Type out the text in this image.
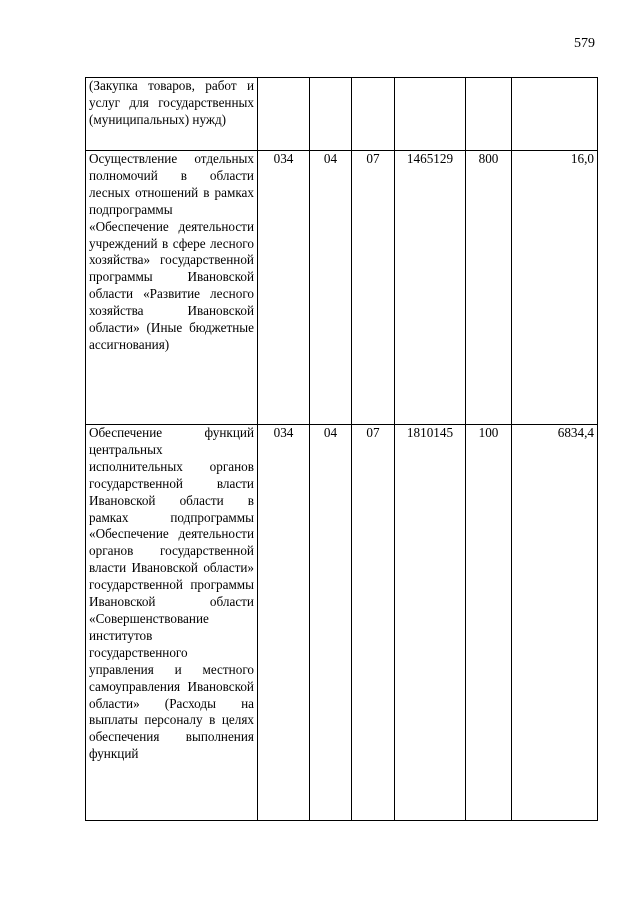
579
(Закупка товаров, работ и услуг для государственных (муниципальных) нужд)						
Осуществление отдельных полномочий в области лесных отношений в рамках подпрограммы «Обеспечение деятельности учреждений в сфере лесного хозяйства» государственной программы Ивановской области «Развитие лесного хозяйства Ивановской области» (Иные бюджетные ассигнования)	034	04	07	1465129	800	16,0
Обеспечение функций центральных исполнительных органов государственной власти Ивановской области в рамках подпрограммы «Обеспечение деятельности органов государственной власти Ивановской области» государственной программы Ивановской области «Совершенствование институтов государственного управления и местного самоуправления Ивановской области» (Расходы на выплаты персоналу в целях обеспечения выполнения функций	034	04	07	1810145	100	6834,4
